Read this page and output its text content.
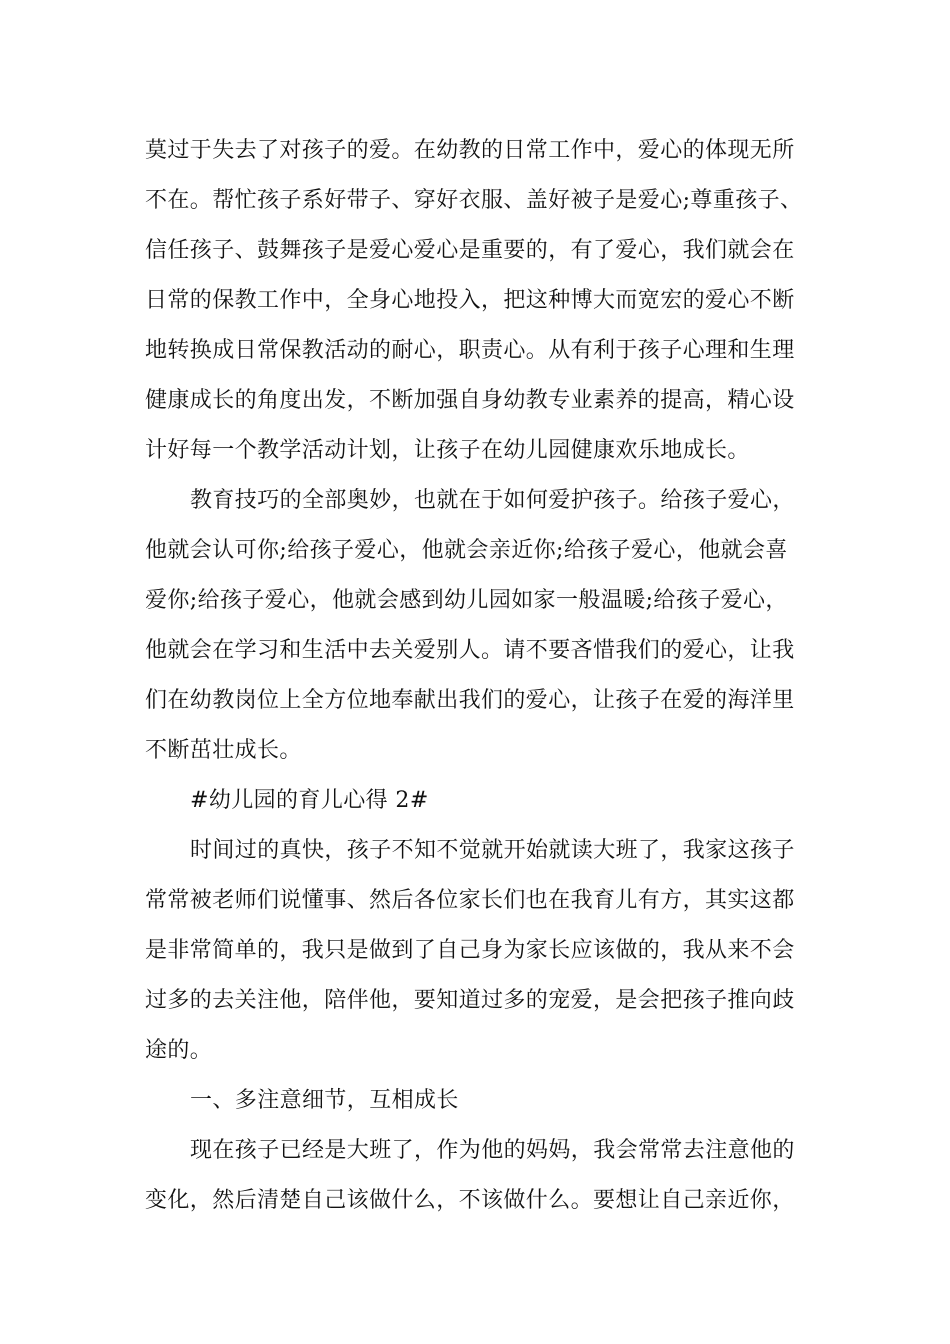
莫过于失去了对孩子的爱。在幼教的日常工作中，爱心的体现无所

不在。帮忙孩子系好带子、穿好衣服、盖好被子是爱心;尊重孩子、

信任孩子、鼓舞孩子是爱心爱心是重要的，有了爱心，我们就会在

日常的保教工作中，全身心地投入，把这种博大而宽宏的爱心不断

地转换成日常保教活动的耐心，职责心。从有利于孩子心理和生理

健康成长的角度出发，不断加强自身幼教专业素养的提高，精心设

计好每一个教学活动计划，让孩子在幼儿园健康欢乐地成长。

教育技巧的全部奥妙，也就在于如何爱护孩子。给孩子爱心，

他就会认可你;给孩子爱心，他就会亲近你;给孩子爱心，他就会喜

爱你;给孩子爱心，他就会感到幼儿园如家一般温暖;给孩子爱心，

他就会在学习和生活中去关爱别人。请不要吝惜我们的爱心，让我

们在幼教岗位上全方位地奉献出我们的爱心，让孩子在爱的海洋里

不断茁壮成长。

#幼儿园的育儿心得 2#

时间过的真快，孩子不知不觉就开始就读大班了，我家这孩子

常常被老师们说懂事、然后各位家长们也在我育儿有方，其实这都

是非常简单的，我只是做到了自己身为家长应该做的，我从来不会

过多的去关注他，陪伴他，要知道过多的宠爱，是会把孩子推向歧

途的。

一、多注意细节，互相成长

现在孩子已经是大班了，作为他的妈妈，我会常常去注意他的

变化，然后清楚自己该做什么，不该做什么。要想让自己亲近你，
